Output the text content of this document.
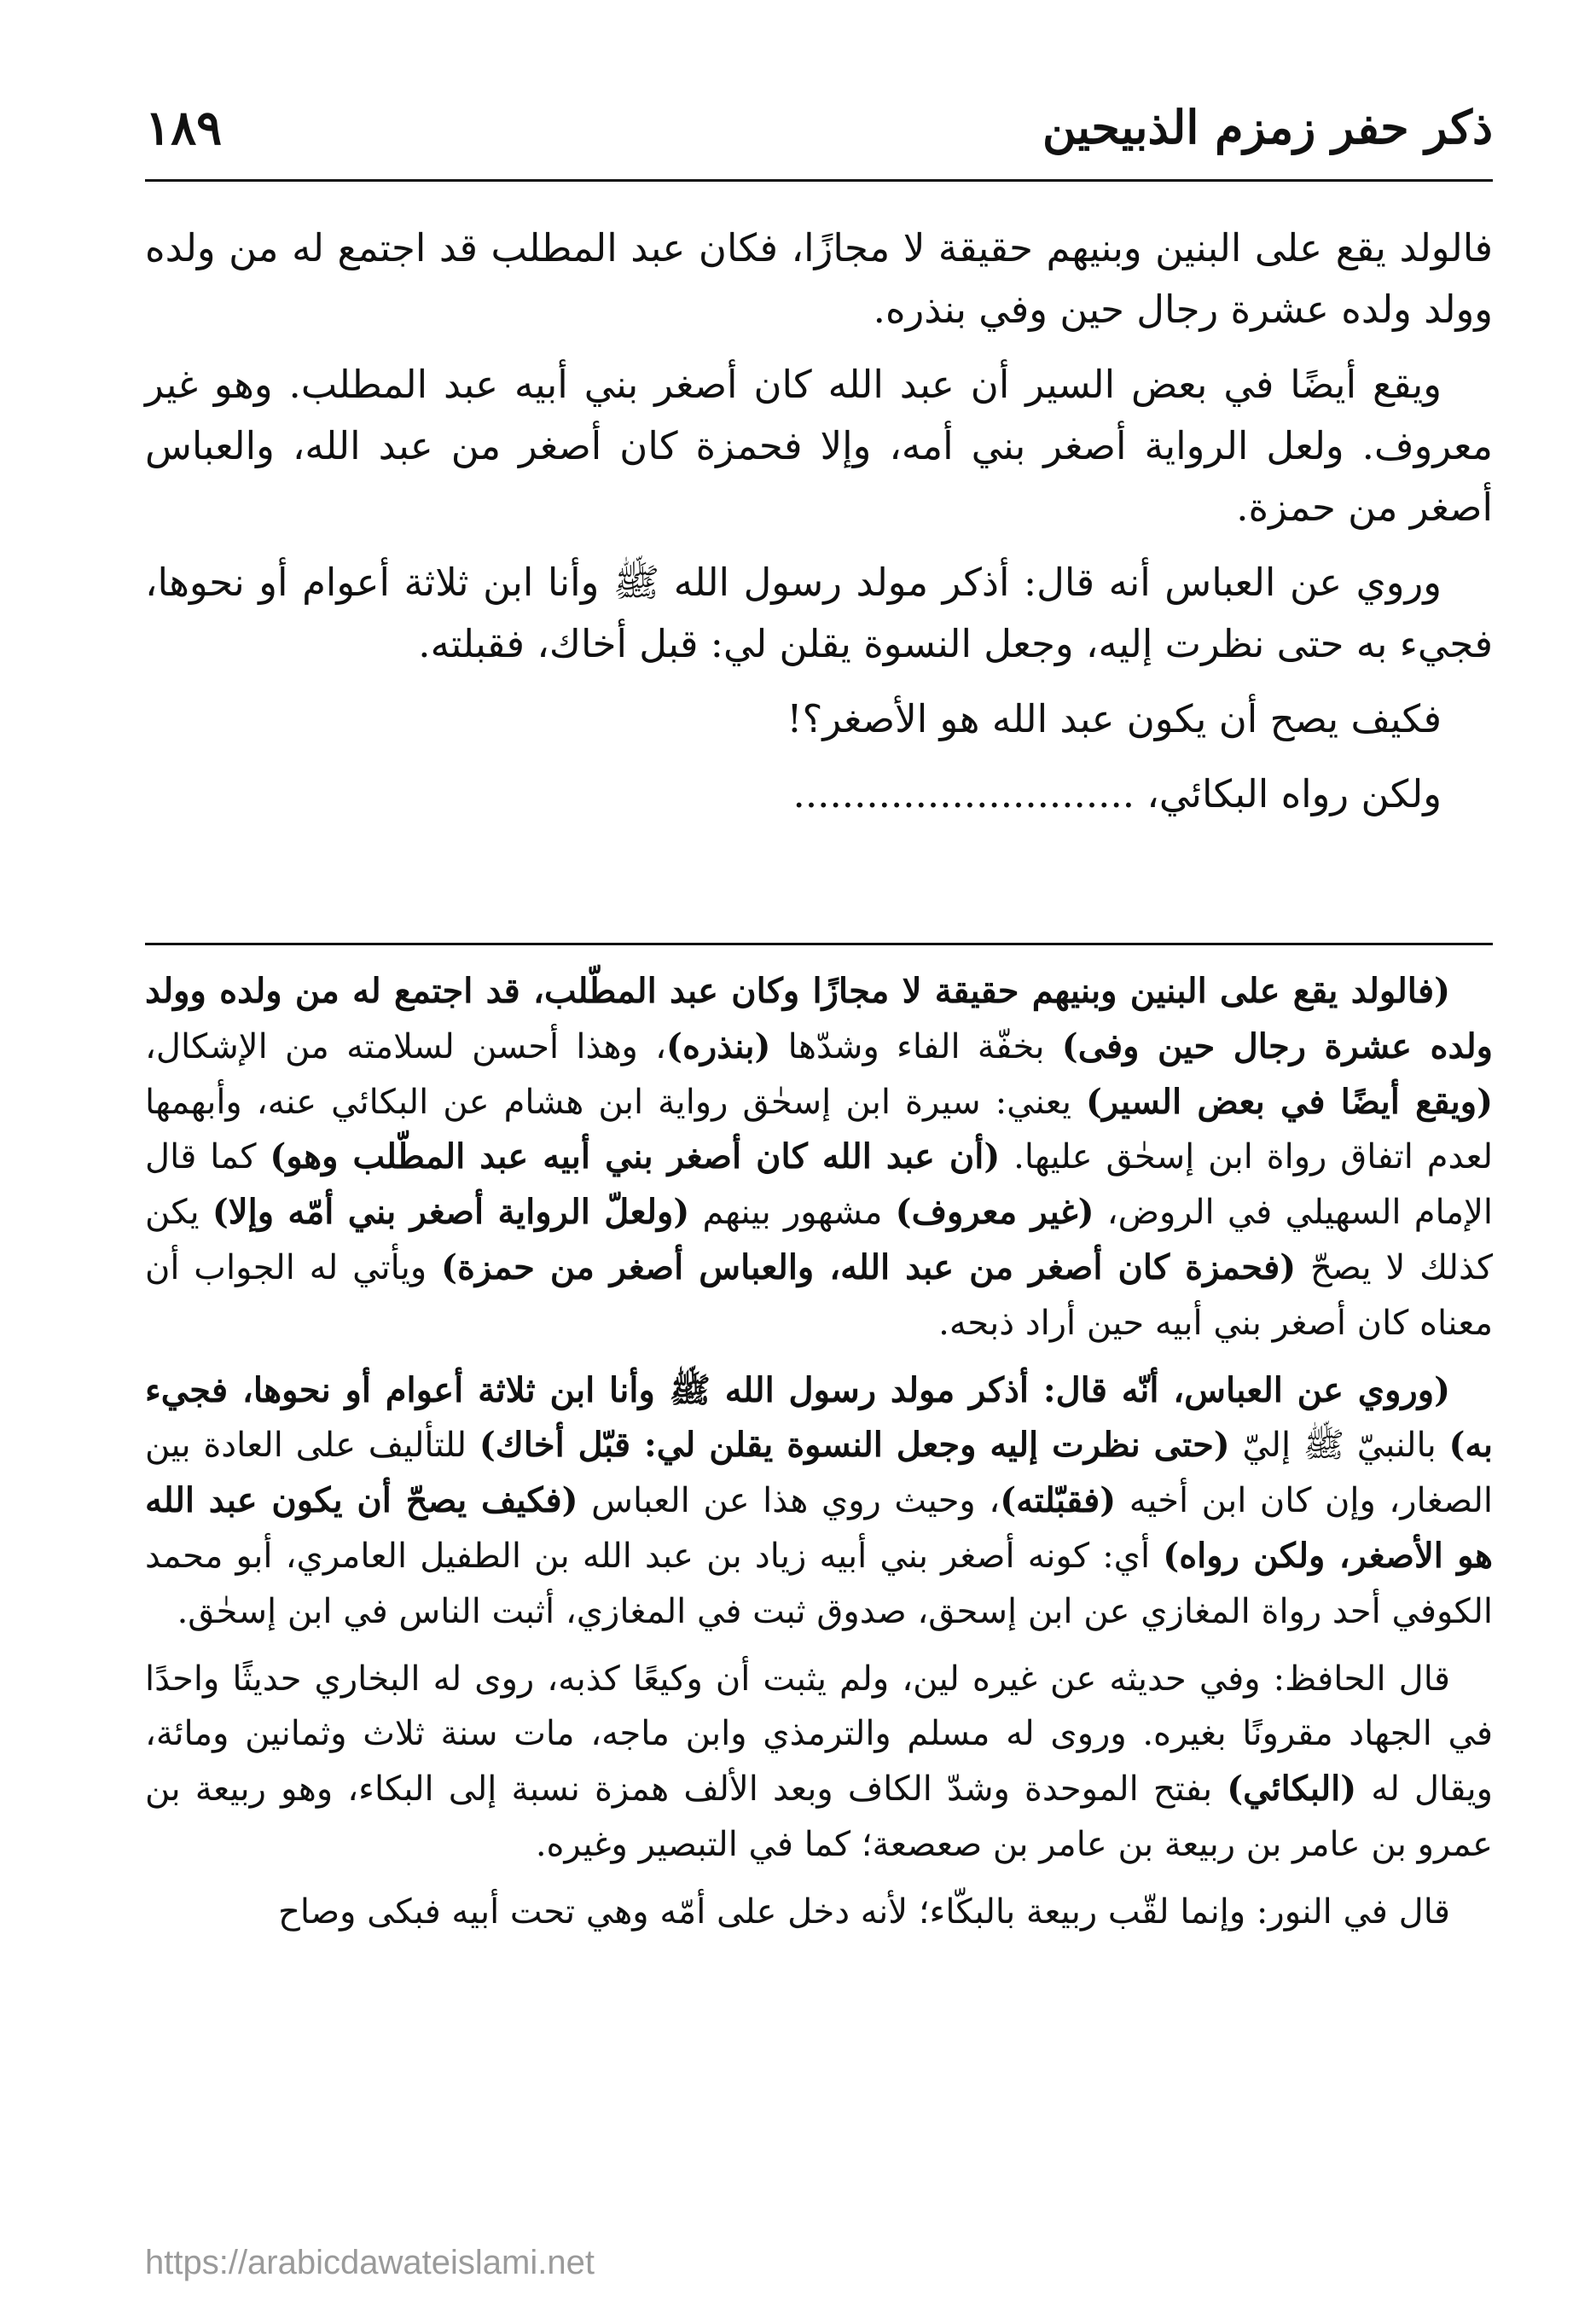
ذكر حفر زمزم الذبيحين
١٨٩

فالولد يقع على البنين وبنيهم حقيقة لا مجازًا، فكان عبد المطلب قد اجتمع له من ولده وولد ولده عشرة رجال حين وفي بنذره.

ويقع أيضًا في بعض السير أن عبد الله كان أصغر بني أبيه عبد المطلب. وهو غير معروف. ولعل الرواية أصغر بني أمه، وإلا فحمزة كان أصغر من عبد الله، والعباس أصغر من حمزة.

وروي عن العباس أنه قال: أذكر مولد رسول الله ﷺ وأنا ابن ثلاثة أعوام أو نحوها، فجيء به حتى نظرت إليه، وجعل النسوة يقلن لي: قبل أخاك، فقبلته.

فكيف يصح أن يكون عبد الله هو الأصغر؟!

ولكن رواه البكائي، ............................

(فالولد يقع على البنين وبنيهم حقيقة لا مجازًا وكان عبد المطّلب، قد اجتمع له من ولده وولد ولده عشرة رجال حين وفى) بخفّة الفاء وشدّها (بنذره)، وهذا أحسن لسلامته من الإشكال، (ويقع أيضًا في بعض السير) يعني: سيرة ابن إسحٰق رواية ابن هشام عن البكائي عنه، وأبهمها لعدم اتفاق رواة ابن إسحٰق عليها. (أن عبد الله كان أصغر بني أبيه عبد المطّلب وهو) كما قال الإمام السهيلي في الروض، (غير معروف) مشهور بينهم (ولعلّ الرواية أصغر بني أمّه وإلا) يكن كذلك لا يصحّ (فحمزة كان أصغر من عبد الله، والعباس أصغر من حمزة) ويأتي له الجواب أن معناه كان أصغر بني أبيه حين أراد ذبحه.

(وروي عن العباس، أنّه قال: أذكر مولد رسول الله ﷺ وأنا ابن ثلاثة أعوام أو نحوها، فجيء به) بالنبيّ ﷺ إليّ (حتى نظرت إليه وجعل النسوة يقلن لي: قبّل أخاك) للتأليف على العادة بين الصغار، وإن كان ابن أخيه (فقبّلته)، وحيث روي هذا عن العباس (فكيف يصحّ أن يكون عبد الله هو الأصغر، ولكن رواه) أي: كونه أصغر بني أبيه زياد بن عبد الله بن الطفيل العامري، أبو محمد الكوفي أحد رواة المغازي عن ابن إسحق، صدوق ثبت في المغازي، أثبت الناس في ابن إسحٰق.

قال الحافظ: وفي حديثه عن غيره لين، ولم يثبت أن وكيعًا كذبه، روى له البخاري حديثًا واحدًا في الجهاد مقرونًا بغيره. وروى له مسلم والترمذي وابن ماجه، مات سنة ثلاث وثمانين ومائة، ويقال له (البكائي) بفتح الموحدة وشدّ الكاف وبعد الألف همزة نسبة إلى البكاء، وهو ربيعة بن عمرو بن عامر بن ربيعة بن عامر بن صعصعة؛ كما في التبصير وغيره.

قال في النور: وإنما لقّب ربيعة بالبكّاء؛ لأنه دخل على أمّه وهي تحت أبيه فبكى وصاح

https://arabicdawateislami.net
